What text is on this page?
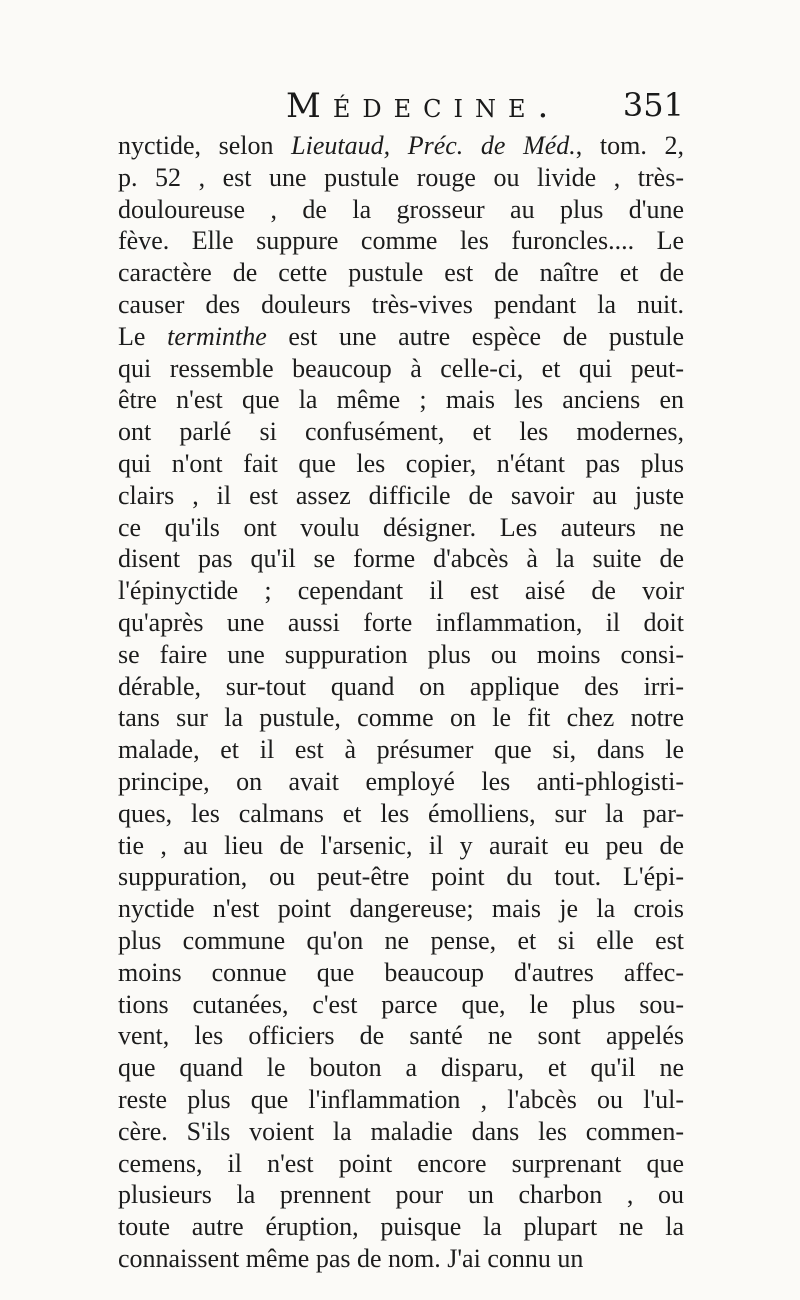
Médecine. 351
nyctide, selon Lieutaud, Préc. de Méd., tom. 2,
p. 52 , est une pustule rouge ou livide , très-
douloureuse , de la grosseur au plus d'une
fève. Elle suppure comme les furoncles.... Le
caractère de cette pustule est de naître et de
causer des douleurs très-vives pendant la nuit.
Le terminthe est une autre espèce de pustule
qui ressemble beaucoup à celle-ci, et qui peut-
être n'est que la même ; mais les anciens en
ont parlé si confusément, et les modernes,
qui n'ont fait que les copier, n'étant pas plus
clairs , il est assez difficile de savoir au juste
ce qu'ils ont voulu désigner. Les auteurs ne
disent pas qu'il se forme d'abcès à la suite de
l'épinyctide ; cependant il est aisé de voir
qu'après une aussi forte inflammation, il doit
se faire une suppuration plus ou moins consi-
dérable, sur-tout quand on applique des irri-
tans sur la pustule, comme on le fit chez notre
malade, et il est à présumer que si, dans le
principe, on avait employé les anti-phlogisti-
ques, les calmans et les émolliens, sur la par-
tie , au lieu de l'arsenic, il y aurait eu peu de
suppuration, ou peut-être point du tout. L'épi-
nyctide n'est point dangereuse; mais je la crois
plus commune qu'on ne pense, et si elle est
moins connue que beaucoup d'autres affec-
tions cutanées, c'est parce que, le plus sou-
vent, les officiers de santé ne sont appelés
que quand le bouton a disparu, et qu'il ne
reste plus que l'inflammation , l'abcès ou l'ul-
cère. S'ils voient la maladie dans les commen-
cemens, il n'est point encore surprenant que
plusieurs la prennent pour un charbon , ou
toute autre éruption, puisque la plupart ne la
connaissent même pas de nom. J'ai connu un
